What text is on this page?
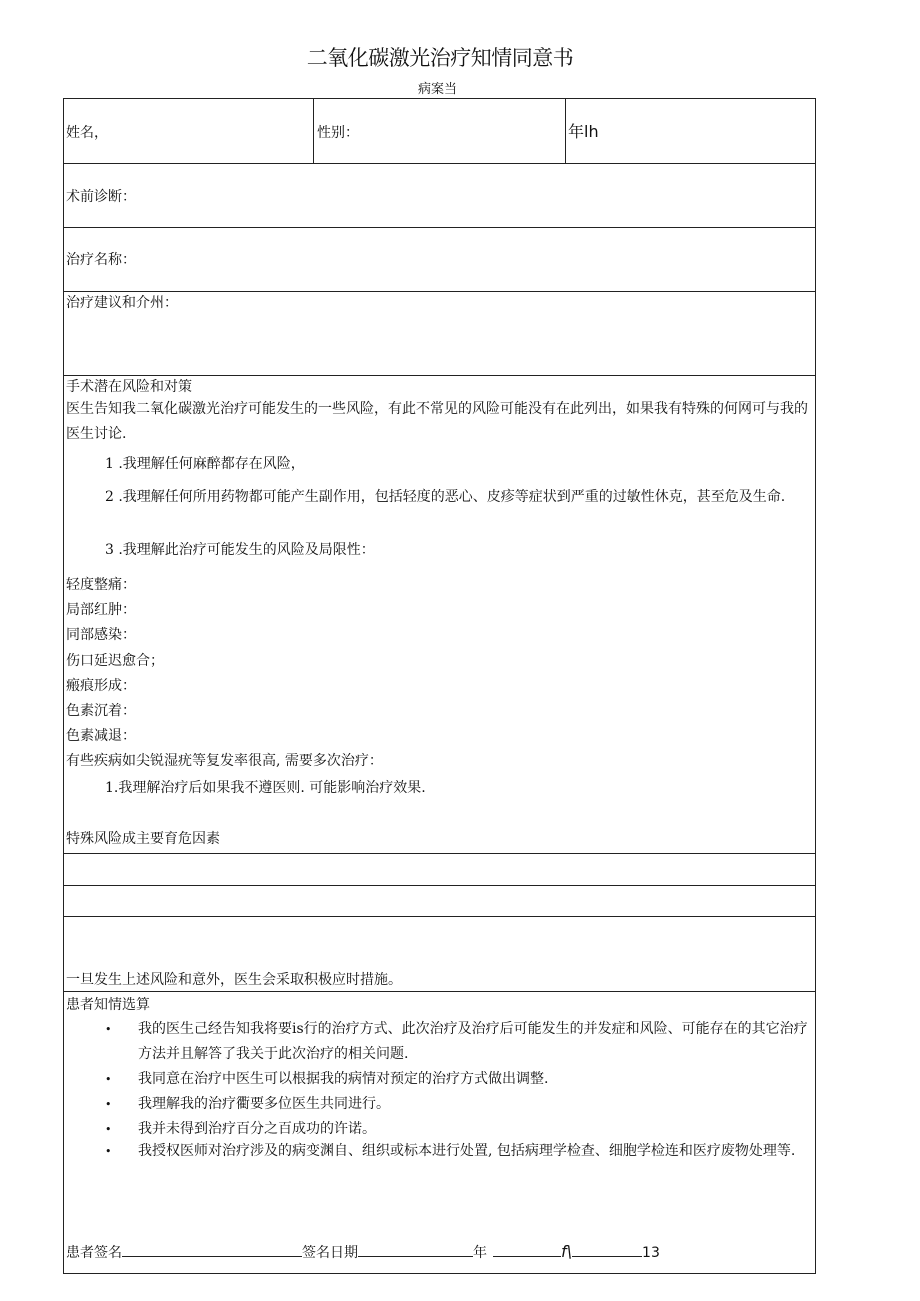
二氧化碳激光治疗知情同意书
病案当
姓名，	性别：	年lh
术前诊断：
治疗名称：
治疗建议和介州：
手术潜在风险和对策
医生告知我二氧化碳激光治疗可能发生的一些风险，有此不常见的风险可能没有在此列出，如果我有特殊的何网可与我的医生讨论.
1 .我理解任何麻醉都存在风险，
2 .我理解任何所用药物都可能产生副作用，包括轻度的恶心、皮疹等症状到严重的过敏性休克，甚至危及生命.
3 .我理解此治疗可能发生的风险及局限性：
轻度整痛：
局部红肿：
同部感染：
伤口延迟愈合；
瘢痕形成：
色素沉着：
色素减退：
有些疾病如尖锐湿疣等复发率很高, 需要多次治疗：
1.我理解治疗后如果我不遵医则. 可能影响治疗效果.
特殊风险成主要育危因素
一旦发生上述风险和意外，医生会采取积极应时措施。
患者知情选算
• 我的医生己经告知我将要is行的治疗方式、此次治疗及治疗后可能发生的并发症和风险、可能存在的其它治疗方法并且解答了我关于此次治疗的相关问题.
• 我同意在治疗中医生可以根据我的病情对预定的治疗方式做出调整.
• 我理解我的治疗衢要多位医生共同进行。
• 我并未得到治疗百分之百成功的许诺。
• 我授权医师对治疗涉及的病变渊自、组织或标本进行处置, 包括病理学检查、细胞学检连和医疗废物处理等.
患者签名	签名日期	年	f\	13
